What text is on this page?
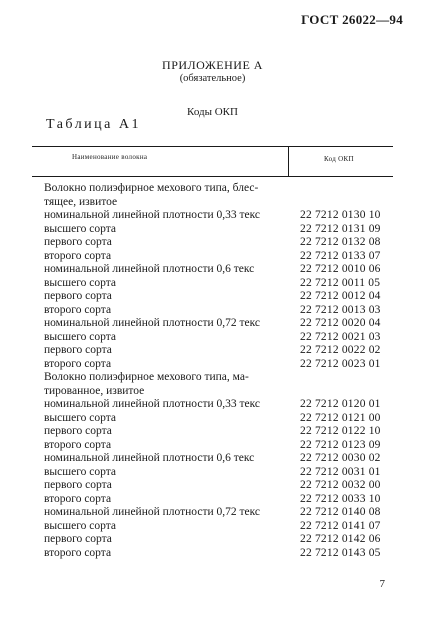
ГОСТ 26022—94
ПРИЛОЖЕНИЕ А
(обязательное)
Коды ОКП
Таблица А1
Наименование волокна	Код ОКП
Волокно полиэфирное мехового типа, блес-
тящее, извитое
номинальной линейной плотности 0,33 текс	22 7212 0130 10
высшего сорта	22 7212 0131 09
первого сорта	22 7212 0132 08
второго сорта	22 7212 0133 07
номинальной линейной плотности 0,6 текс	22 7212 0010 06
высшего сорта	22 7212 0011 05
первого сорта	22 7212 0012 04
второго сорта	22 7212 0013 03
номинальной линейной плотности 0,72 текс	22 7212 0020 04
высшего сорта	22 7212 0021 03
первого сорта	22 7212 0022 02
второго сорта	22 7212 0023 01
Волокно полиэфирное мехового типа, ма-
тированное, извитое
номинальной линейной плотности 0,33 текс	22 7212 0120 01
высшего сорта	22 7212 0121 00
первого сорта	22 7212 0122 10
второго сорта	22 7212 0123 09
номинальной линейной плотности 0,6 текс	22 7212 0030 02
высшего сорта	22 7212 0031 01
первого сорта	22 7212 0032 00
второго сорта	22 7212 0033 10
номинальной линейной плотности 0,72 текс	22 7212 0140 08
высшего сорта	22 7212 0141 07
первого сорта	22 7212 0142 06
второго сорта	22 7212 0143 05
7
